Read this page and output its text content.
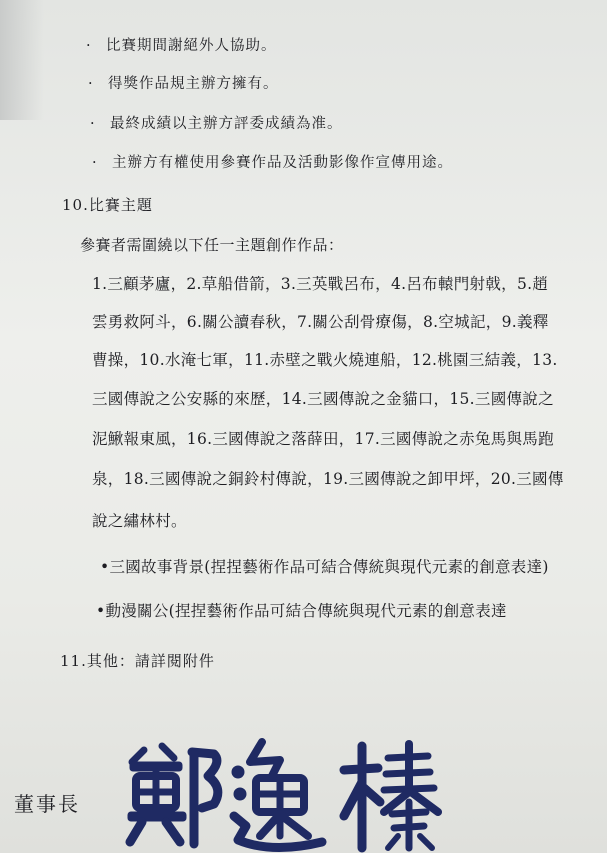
· 比賽期間謝絕外人協助。
· 得獎作品規主辦方擁有。
· 最終成績以主辦方評委成績為准。
· 主辦方有權使用參賽作品及活動影像作宣傳用途。
10.比賽主題
參賽者需圍繞以下任一主題創作作品：
1.三顧茅廬，2.草船借箭，3.三英戰呂布，4.呂布轅門射戟，5.趙
雲勇救阿斗，6.關公讀春秋，7.關公刮骨療傷，8.空城記，9.義釋
曹操，10.水淹七軍，11.赤壁之戰火燒連船，12.桃園三結義，13.
三國傳說之公安縣的來歷，14.三國傳說之金貓口，15.三國傳說之
泥鰍報東風，16.三國傳說之落薛田，17.三國傳說之赤兔馬與馬跑
泉，18.三國傳說之銅鈴村傳說，19.三國傳說之卸甲坪，20.三國傳
說之繡林村。
•三國故事背景(捏捏藝術作品可結合傳統與現代元素的創意表達)
•動漫關公(捏捏藝術作品可結合傳統與現代元素的創意表達
11.其他：請詳閱附件
董事長
